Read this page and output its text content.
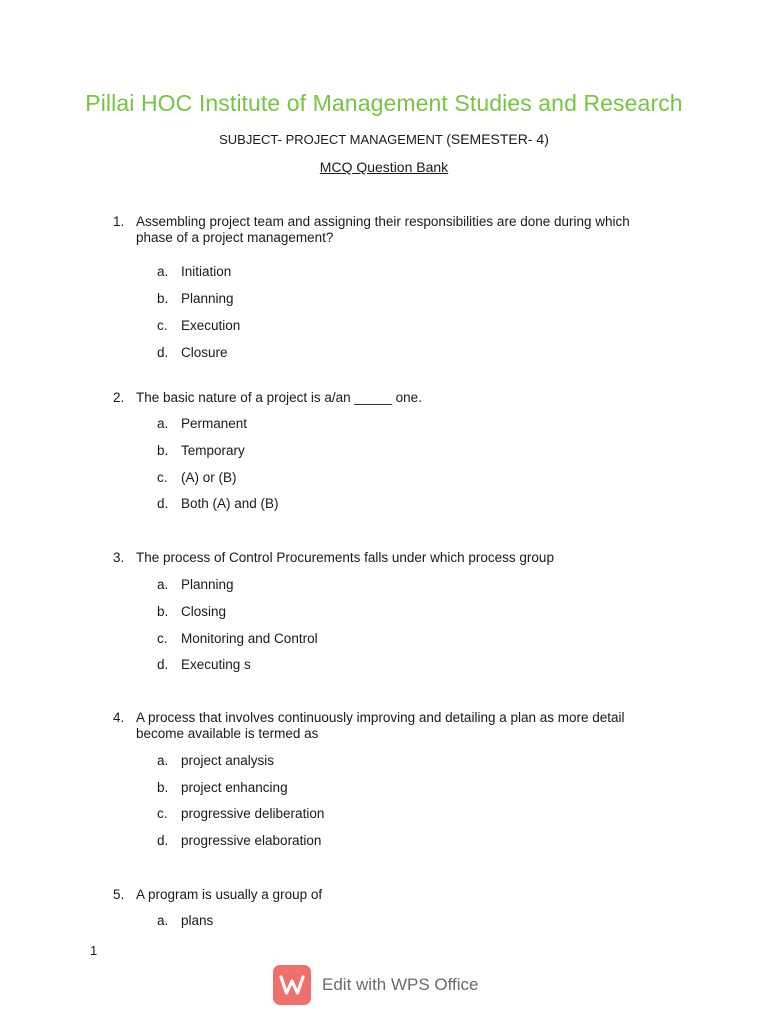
Pillai HOC Institute of Management Studies and Research
SUBJECT- PROJECT MANAGEMENT (SEMESTER- 4)
MCQ Question Bank
1. Assembling project team and assigning their responsibilities are done during which phase of a project management?
a. Initiation
b. Planning
c. Execution
d. Closure
2. The basic nature of a project is a/an _____ one.
a. Permanent
b. Temporary
c. (A) or (B)
d. Both (A) and (B)
3. The process of Control Procurements falls under which process group
a. Planning
b. Closing
c. Monitoring and Control
d. Executing s
4. A process that involves continuously improving and detailing a plan as more detail become available is termed as
a. project analysis
b. project enhancing
c. progressive deliberation
d. progressive elaboration
5. A program is usually a group of
a. plans
1
Edit with WPS Office
